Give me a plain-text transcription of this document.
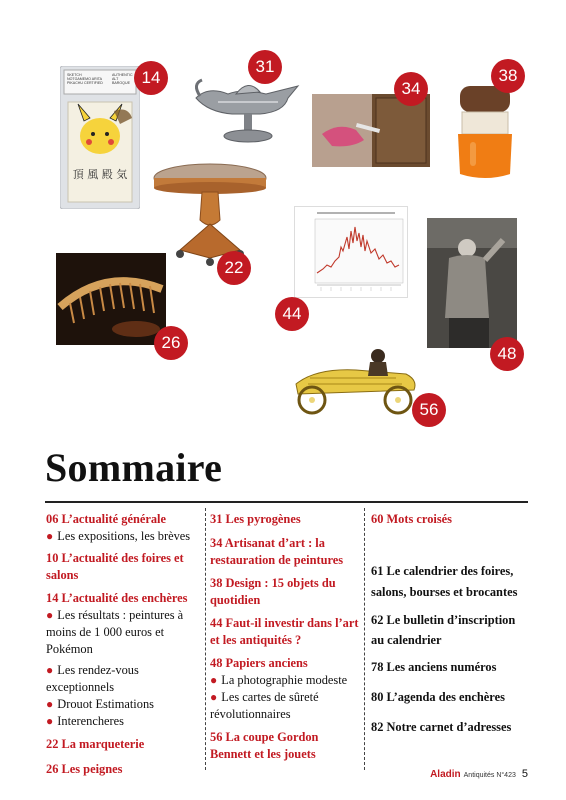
頂 風 殿 気
SKETCH
NOTGAMEMO ARITA
PIKACHU CERTIFIED
AUTHENTIC
ALT
BAROQUE 14
31
34
38
22
26
44
48
56
Sommaire
06 L’actualité générale
● Les expositions, les brèves
10 L’actualité des foires et salons
14 L’actualité des enchères
● Les résultats : peintures à moins de 1 000 euros et Pokémon
● Les rendez-vous exceptionnels
● Drouot Estimations
● Interencheres
22 La marqueterie
26 Les peignes
31 Les pyrogènes
34 Artisanat d’art : la restauration de peintures
38 Design : 15 objets du quotidien
44 Faut-il investir dans l’art et les antiquités ?
48 Papiers anciens
● La photographie modeste
● Les cartes de sûreté révolutionnaires
56 La coupe Gordon Bennett et les jouets
60 Mots croisés
61 Le calendrier des foires, salons, bourses et brocantes
62 Le bulletin d’inscription au calendrier
78 Les anciens numéros
80 L’agenda des enchères
82 Notre carnet d’adresses
Aladin Antiquités N°423 5
